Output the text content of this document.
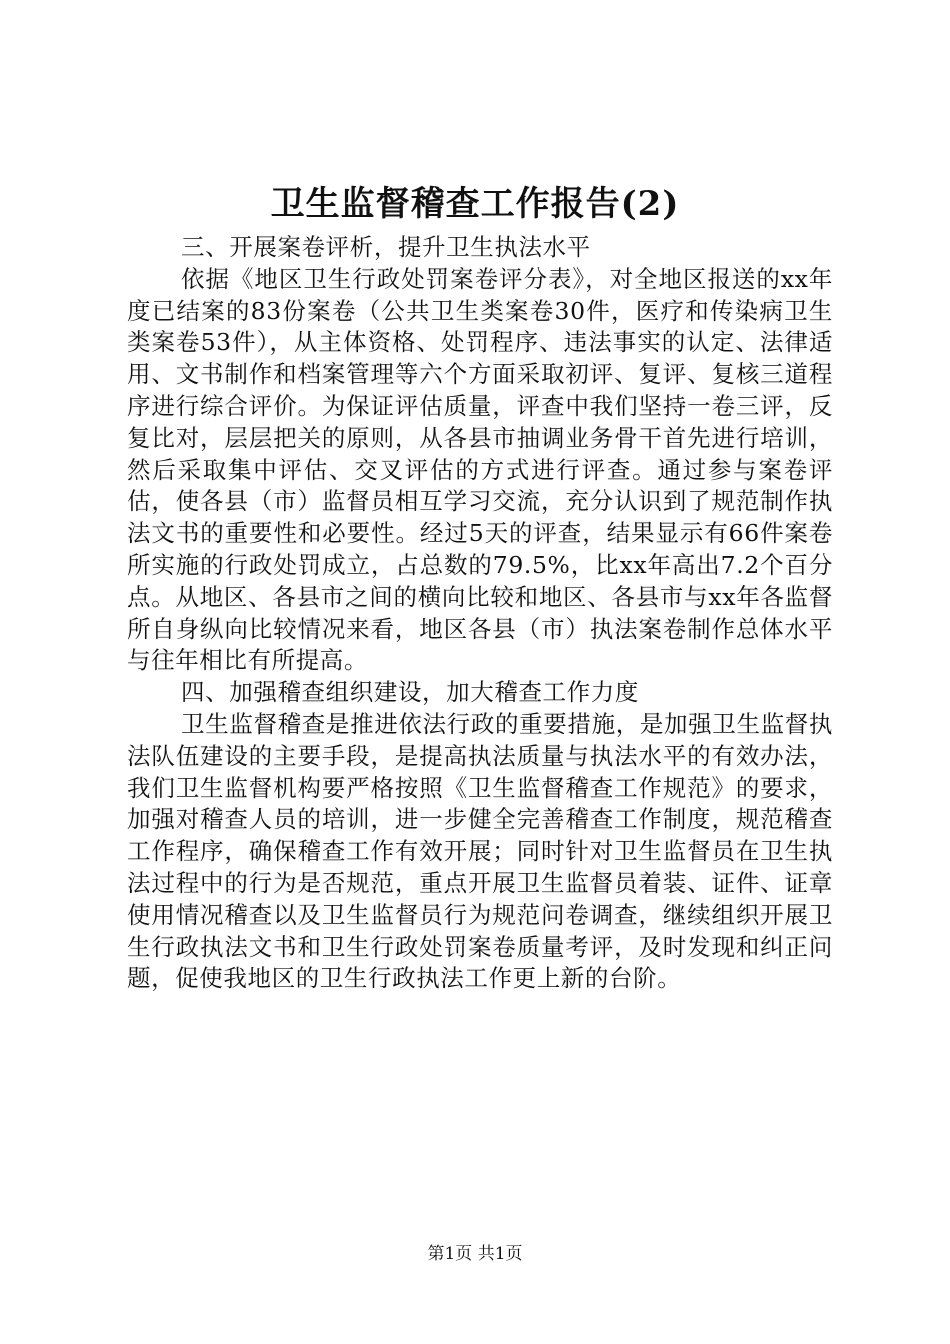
卫生监督稽查工作报告(2)

三、开展案卷评析，提升卫生执法水平

依据《地区卫生行政处罚案卷评分表》，对全地区报送的xx年度已结案的83份案卷（公共卫生类案卷30件，医疗和传染病卫生类案卷53件），从主体资格、处罚程序、违法事实的认定、法律适用、文书制作和档案管理等六个方面采取初评、复评、复核三道程序进行综合评价。为保证评估质量，评查中我们坚持一卷三评，反复比对，层层把关的原则，从各县市抽调业务骨干首先进行培训，然后采取集中评估、交叉评估的方式进行评查。通过参与案卷评估，使各县（市）监督员相互学习交流，充分认识到了规范制作执法文书的重要性和必要性。经过5天的评查，结果显示有66件案卷所实施的行政处罚成立，占总数的79.5%，比xx年高出7.2个百分点。从地区、各县市之间的横向比较和地区、各县市与xx年各监督所自身纵向比较情况来看，地区各县（市）执法案卷制作总体水平与往年相比有所提高。

四、加强稽查组织建设，加大稽查工作力度

卫生监督稽查是推进依法行政的重要措施，是加强卫生监督执法队伍建设的主要手段，是提高执法质量与执法水平的有效办法，我们卫生监督机构要严格按照《卫生监督稽查工作规范》的要求，加强对稽查人员的培训，进一步健全完善稽查工作制度，规范稽查工作程序，确保稽查工作有效开展；同时针对卫生监督员在卫生执法过程中的行为是否规范，重点开展卫生监督员着装、证件、证章使用情况稽查以及卫生监督员行为规范问卷调查，继续组织开展卫生行政执法文书和卫生行政处罚案卷质量考评，及时发现和纠正问题，促使我地区的卫生行政执法工作更上新的台阶。

第1页 共1页
